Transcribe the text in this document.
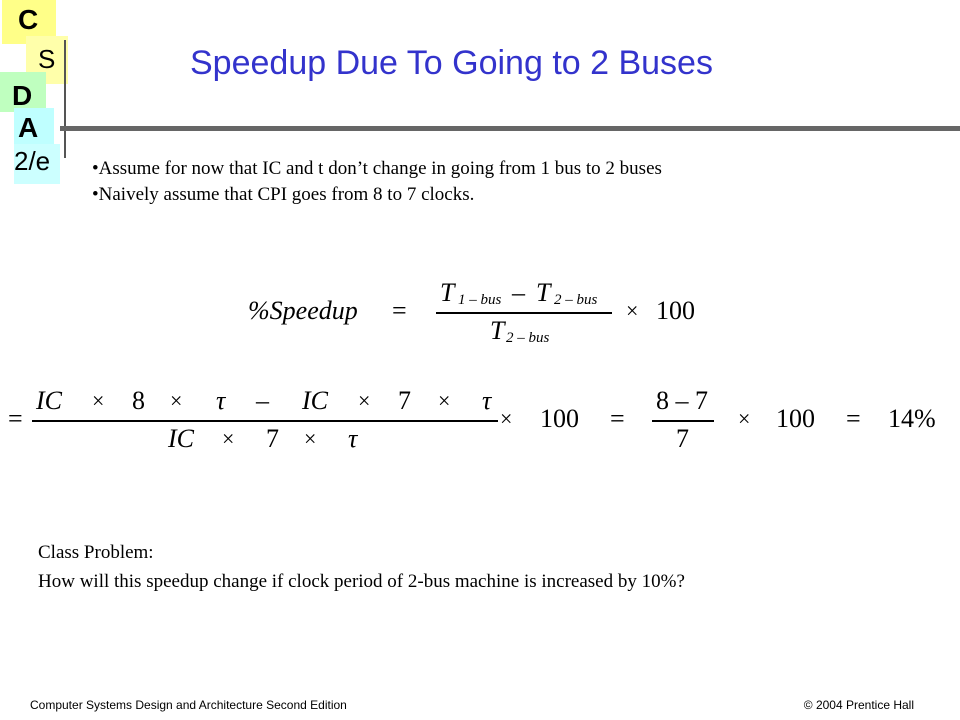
C
S
D
A
2/e
Speedup Due To Going to 2 Buses
•Assume for now that IC and t don’t change in going from 1 bus to 2 buses
•Naively assume that CPI goes from 8 to 7 clocks.
%Speedup =
T 1 – bus – T 2 – bus
T 2 – bus
× 100
=
IC × 8 × τ – IC × 7 × τ
IC × 7 × τ
× 100 =
8 – 7
7
× 100 = 14%
Class Problem:
How will this speedup change if clock period of 2-bus machine is increased by 10%?
Computer Systems Design and Architecture Second Edition	© 2004 Prentice Hall
